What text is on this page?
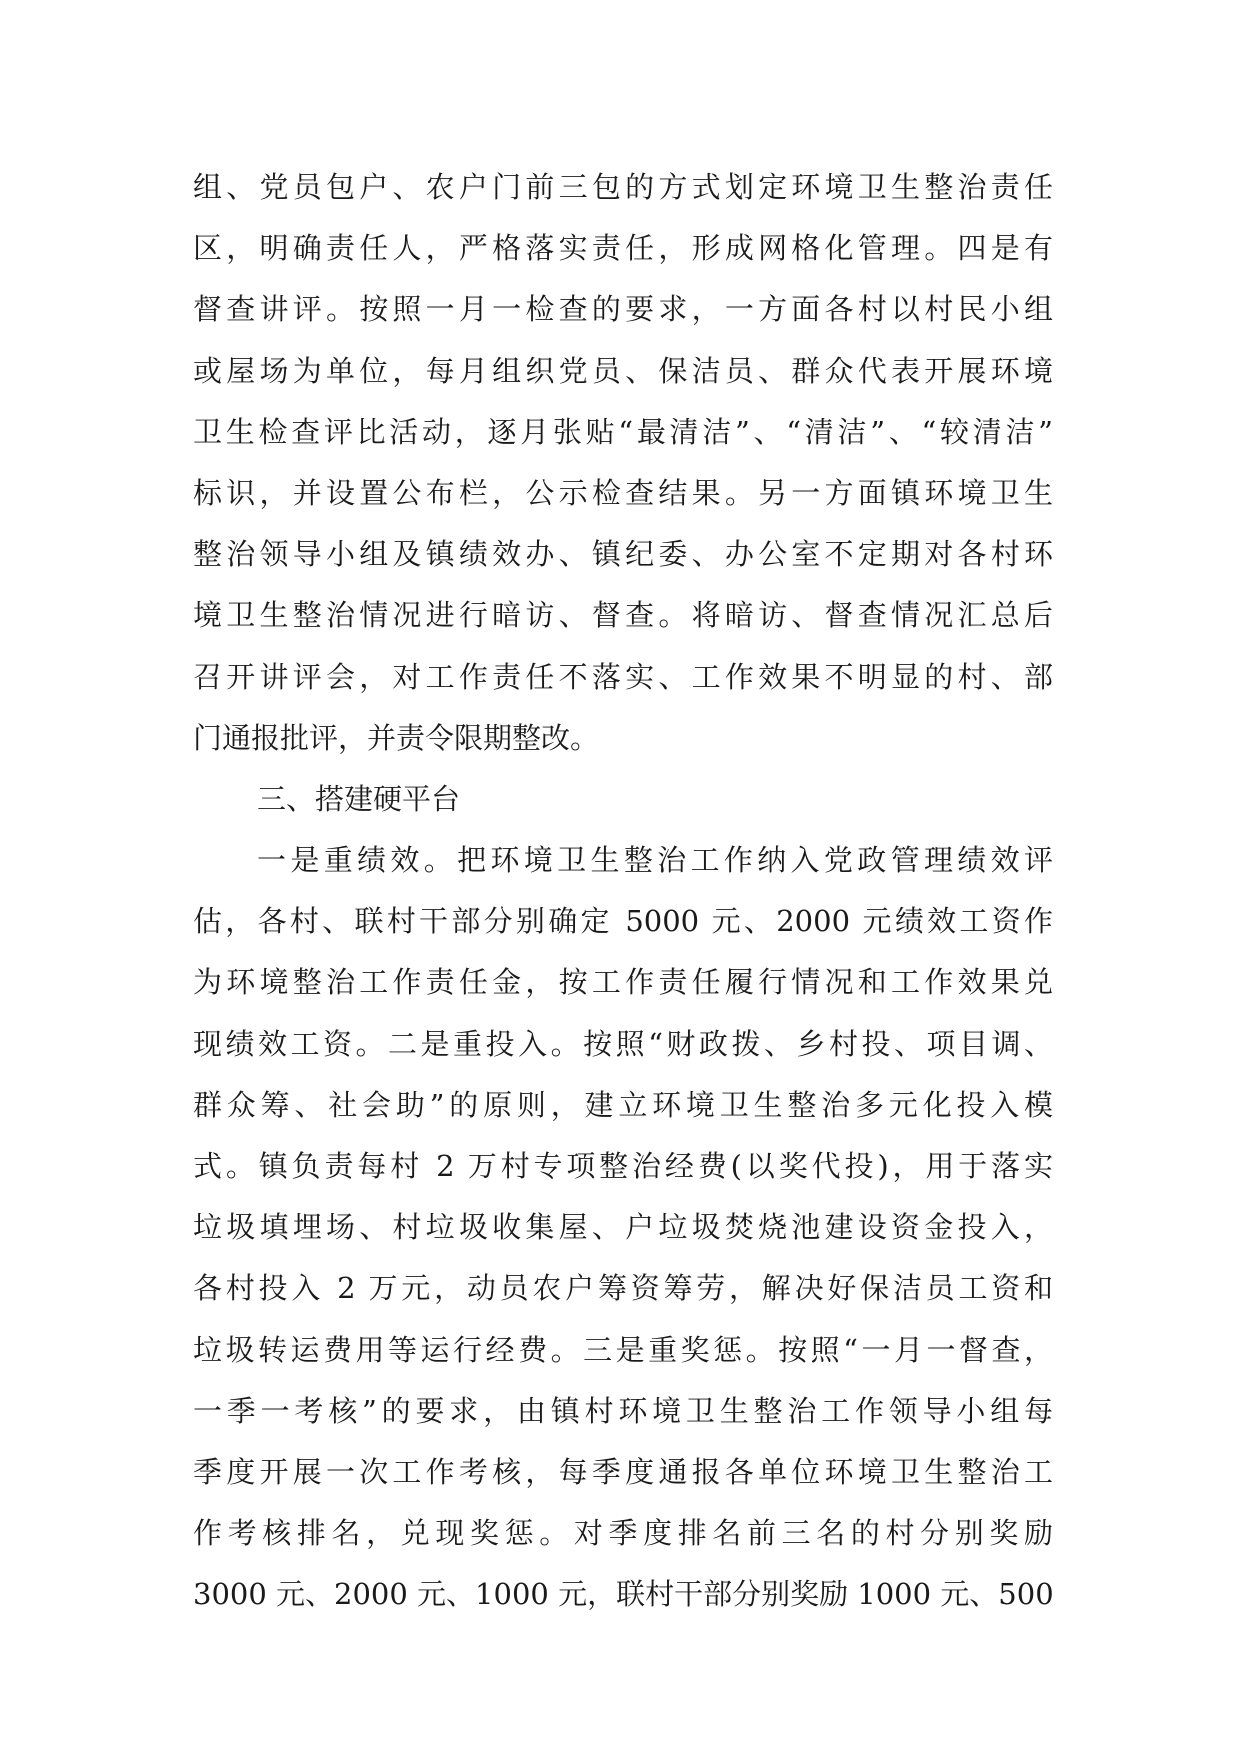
组、党员包户、农户门前三包的方式划定环境卫生整治责任
区，明确责任人，严格落实责任，形成网格化管理。四是有
督查讲评。按照一月一检查的要求，一方面各村以村民小组
或屋场为单位，每月组织党员、保洁员、群众代表开展环境
卫生检查评比活动，逐月张贴“最清洁”、“清洁”、“较清洁”
标识，并设置公布栏，公示检查结果。另一方面镇环境卫生
整治领导小组及镇绩效办、镇纪委、办公室不定期对各村环
境卫生整治情况进行暗访、督查。将暗访、督查情况汇总后
召开讲评会，对工作责任不落实、工作效果不明显的村、部
门通报批评，并责令限期整改。
三、搭建硬平台
一是重绩效。把环境卫生整治工作纳入党政管理绩效评
估，各村、联村干部分别确定 5000 元、2000 元绩效工资作
为环境整治工作责任金，按工作责任履行情况和工作效果兑
现绩效工资。二是重投入。按照“财政拨、乡村投、项目调、
群众筹、社会助”的原则，建立环境卫生整治多元化投入模
式。镇负责每村 2 万村专项整治经费(以奖代投)，用于落实
垃圾填埋场、村垃圾收集屋、户垃圾焚烧池建设资金投入，
各村投入 2 万元，动员农户筹资筹劳，解决好保洁员工资和
垃圾转运费用等运行经费。三是重奖惩。按照“一月一督查，
一季一考核”的要求，由镇村环境卫生整治工作领导小组每
季度开展一次工作考核，每季度通报各单位环境卫生整治工
作考核排名，兑现奖惩。对季度排名前三名的村分别奖励
3000 元、2000 元、1000 元，联村干部分别奖励 1000 元、500
